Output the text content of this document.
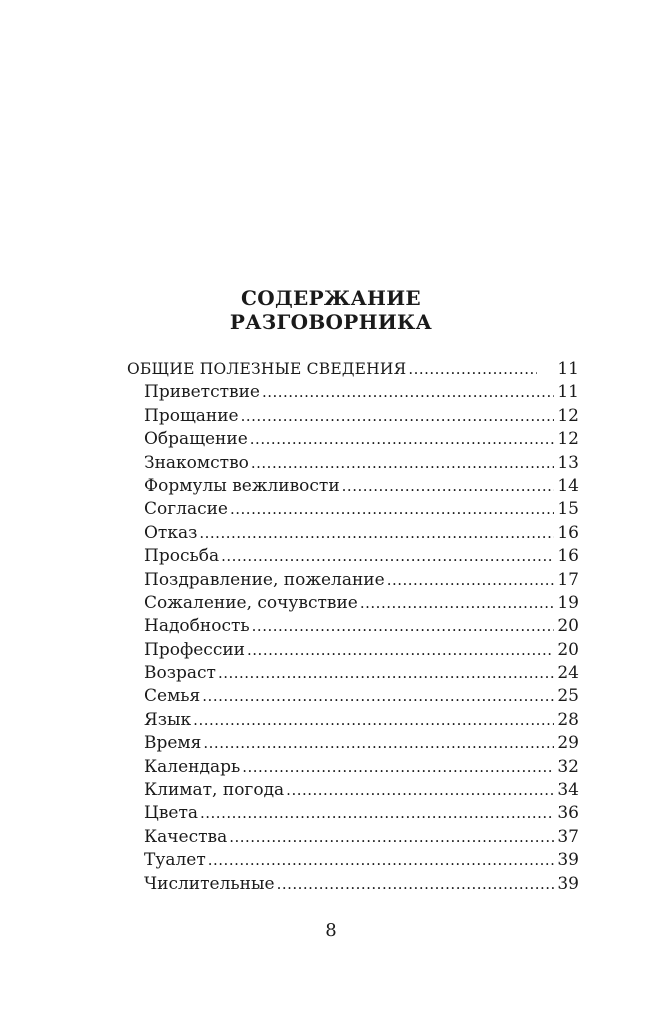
СОДЕРЖАНИЕ
РАЗГОВОРНИКА
ОБЩИЕ ПОЛЕЗНЫЕ СВЕДЕНИЯ .....	11
Приветствие .....	11
Прощание .....	12
Обращение .....	12
Знакомство .....	13
Формулы вежливости .....	14
Согласие .....	15
Отказ .....	16
Просьба .....	16
Поздравление, пожелание .....	17
Сожаление, сочувствие .....	19
Надобность .....	20
Профессии .....	20
Возраст .....	24
Семья .....	25
Язык .....	28
Время .....	29
Календарь .....	32
Климат, погода .....	34
Цвета .....	36
Качества .....	37
Туалет .....	39
Числительные .....	39
8
